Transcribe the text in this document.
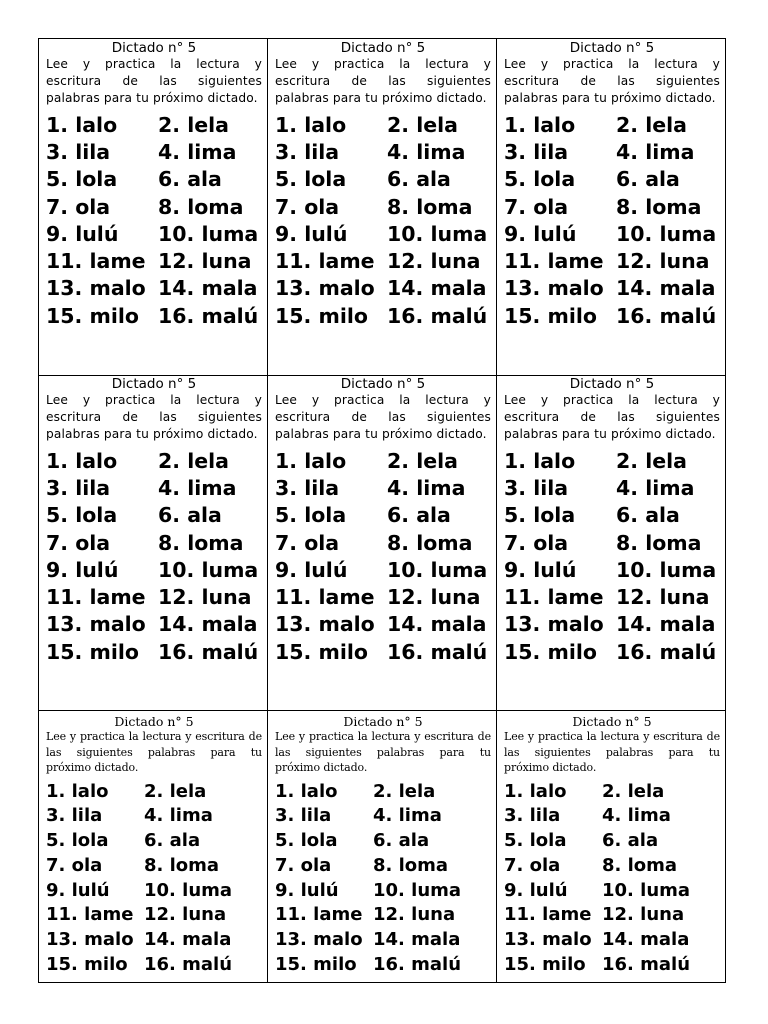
Dictado n° 5
Lee y practica la lectura y escritura de las siguientes palabras para tu próximo dictado.
1. lalo	2. lela
3. lila	4. lima
5. lola	6. ala
7. ola	8. loma
9. lulú	10. luma
11. lame 12. luna
13. malo 14. mala
15. milo 16. malú
Dictado n° 5
Lee y practica la lectura y escritura de las siguientes palabras para tu próximo dictado.
1. lalo	2. lela
3. lila	4. lima
5. lola	6. ala
7. ola	8. loma
9. lulú	10. luma
11. lame 12. luna
13. malo 14. mala
15. milo 16. malú
Dictado n° 5
Lee y practica la lectura y escritura de las siguientes palabras para tu próximo dictado.
1. lalo	2. lela
3. lila	4. lima
5. lola	6. ala
7. ola	8. loma
9. lulú	10. luma
11. lame 12. luna
13. malo 14. mala
15. milo 16. malú
Dictado n° 5
Lee y practica la lectura y escritura de las siguientes palabras para tu próximo dictado.
1. lalo	2. lela
3. lila	4. lima
5. lola	6. ala
7. ola	8. loma
9. lulú	10. luma
11. lame 12. luna
13. malo 14. mala
15. milo 16. malú
Dictado n° 5
Lee y practica la lectura y escritura de las siguientes palabras para tu próximo dictado.
1. lalo	2. lela
3. lila	4. lima
5. lola	6. ala
7. ola	8. loma
9. lulú	10. luma
11. lame 12. luna
13. malo 14. mala
15. milo 16. malú
Dictado n° 5
Lee y practica la lectura y escritura de las siguientes palabras para tu próximo dictado.
1. lalo	2. lela
3. lila	4. lima
5. lola	6. ala
7. ola	8. loma
9. lulú	10. luma
11. lame 12. luna
13. malo 14. mala
15. milo 16. malú
Dictado n° 5
Lee y practica la lectura y escritura de las siguientes palabras para tu próximo dictado.
1. lalo	2. lela
3. lila	4. lima
5. lola	6. ala
7. ola	8. loma
9. lulú	10. luma
11. lame 12. luna
13. malo 14. mala
15. milo 16. malú
Dictado n° 5
Lee y practica la lectura y escritura de las siguientes palabras para tu próximo dictado.
1. lalo	2. lela
3. lila	4. lima
5. lola	6. ala
7. ola	8. loma
9. lulú	10. luma
11. lame 12. luna
13. malo 14. mala
15. milo 16. malú
Dictado n° 5
Lee y practica la lectura y escritura de las siguientes palabras para tu próximo dictado.
1. lalo	2. lela
3. lila	4. lima
5. lola	6. ala
7. ola	8. loma
9. lulú	10. luma
11. lame 12. luna
13. malo 14. mala
15. milo 16. malú
